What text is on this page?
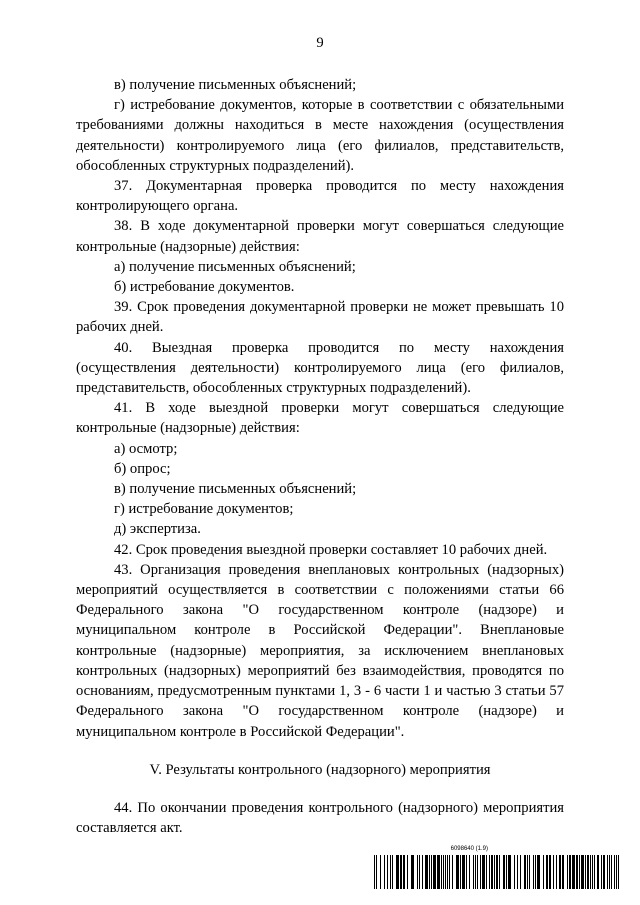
9

в) получение письменных объяснений;

г) истребование документов, которые в соответствии с обязательными требованиями должны находиться в месте нахождения (осуществления деятельности) контролируемого лица (его филиалов, представительств, обособленных структурных подразделений).

37. Документарная проверка проводится по месту нахождения контролирующего органа.

38. В ходе документарной проверки могут совершаться следующие контрольные (надзорные) действия:

а) получение письменных объяснений;

б) истребование документов.

39. Срок проведения документарной проверки не может превышать 10 рабочих дней.

40. Выездная проверка проводится по месту нахождения (осуществления деятельности) контролируемого лица (его филиалов, представительств, обособленных структурных подразделений).

41. В ходе выездной проверки могут совершаться следующие контрольные (надзорные) действия:

а) осмотр;

б) опрос;

в) получение письменных объяснений;

г) истребование документов;

д) экспертиза.

42. Срок проведения выездной проверки составляет 10 рабочих дней.

43. Организация проведения внеплановых контрольных (надзорных) мероприятий осуществляется в соответствии с положениями статьи 66 Федерального закона "О государственном контроле (надзоре) и муниципальном контроле в Российской Федерации". Внеплановые контрольные (надзорные) мероприятия, за исключением внеплановых контрольных (надзорных) мероприятий без взаимодействия, проводятся по основаниям, предусмотренным пунктами 1, 3 - 6 части 1 и частью 3 статьи 57 Федерального закона "О государственном контроле (надзоре) и муниципальном контроле в Российской Федерации".

V. Результаты контрольного (надзорного) мероприятия

44. По окончании проведения контрольного (надзорного) мероприятия составляется акт.

6098640 (1.9)
